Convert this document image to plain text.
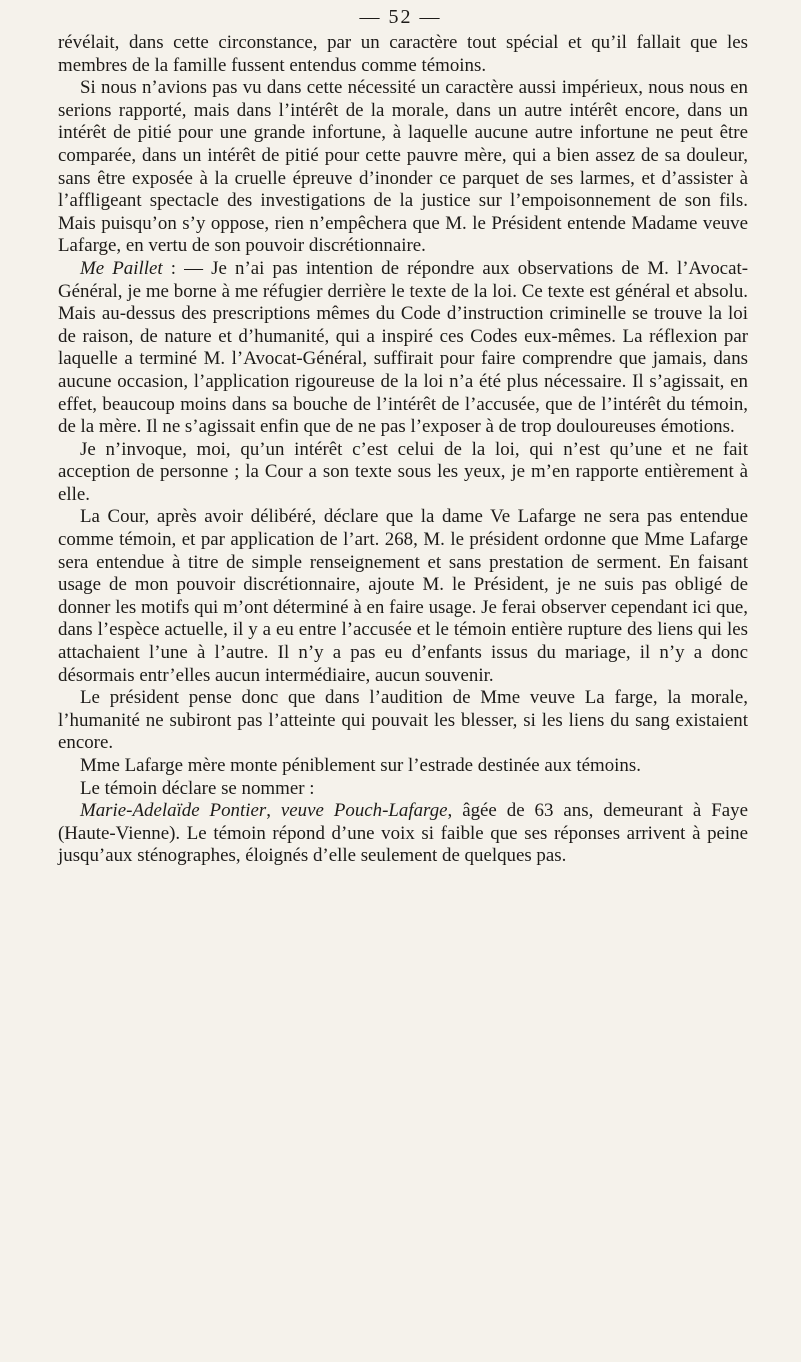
— 52 —

révélait, dans cette circonstance, par un caractère tout spécial et qu’il fallait que les membres de la famille fussent entendus comme témoins.

Si nous n’avions pas vu dans cette nécessité un caractère aussi impérieux, nous nous en serions rapporté, mais dans l’intérêt de la morale, dans un autre intérêt encore, dans un intérêt de pitié pour une grande infortune, à laquelle aucune autre infortune ne peut être comparée, dans un intérêt de pitié pour cette pauvre mère, qui a bien assez de sa douleur, sans être exposée à la cruelle épreuve d’inonder ce parquet de ses larmes, et d’assister à l’affligeant spectacle des investigations de la justice sur l’empoisonnement de son fils. Mais puisqu’on s’y oppose, rien n’empêchera que M. le Président entende Madame veuve Lafarge, en vertu de son pouvoir discrétionnaire.

Me Paillet : — Je n’ai pas intention de répondre aux observations de M. l’Avocat-Général, je me borne à me réfugier derrière le texte de la loi. Ce texte est général et absolu. Mais au-dessus des prescriptions mêmes du Code d’instruction criminelle se trouve la loi de raison, de nature et d’humanité, qui a inspiré ces Codes eux-mêmes. La réflexion par laquelle a terminé M. l’Avocat-Général, suffirait pour faire comprendre que jamais, dans aucune occasion, l’application rigoureuse de la loi n’a été plus nécessaire. Il s’agissait, en effet, beaucoup moins dans sa bouche de l’intérêt de l’accusée, que de l’intérêt du témoin, de la mère. Il ne s’agissait enfin que de ne pas l’exposer à de trop douloureuses émotions.

Je n’invoque, moi, qu’un intérêt c’est celui de la loi, qui n’est qu’une et ne fait acception de personne ; la Cour a son texte sous les yeux, je m’en rapporte entièrement à elle.

La Cour, après avoir délibéré, déclare que la dame Ve Lafarge ne sera pas entendue comme témoin, et par application de l’art. 268, M. le président ordonne que Mme Lafarge sera entendue à titre de simple renseignement et sans prestation de serment. En faisant usage de mon pouvoir discrétionnaire, ajoute M. le Président, je ne suis pas obligé de donner les motifs qui m’ont déterminé à en faire usage. Je ferai observer cependant ici que, dans l’espèce actuelle, il y a eu entre l’accusée et le témoin entière rupture des liens qui les attachaient l’une à l’autre. Il n’y a pas eu d’enfants issus du mariage, il n’y a donc désormais entr’elles aucun intermédiaire, aucun souvenir.

Le président pense donc que dans l’audition de Mme veuve La farge, la morale, l’humanité ne subiront pas l’atteinte qui pouvait les blesser, si les liens du sang existaient encore.

Mme Lafarge mère monte péniblement sur l’estrade destinée aux témoins.

Le témoin déclare se nommer :

Marie-Adelaïde Pontier, veuve Pouch-Lafarge, âgée de 63 ans, demeurant à Faye (Haute-Vienne). Le témoin répond d’une voix si faible que ses réponses arrivent à peine jusqu’aux sténographes, éloignés d’elle seulement de quelques pas.
